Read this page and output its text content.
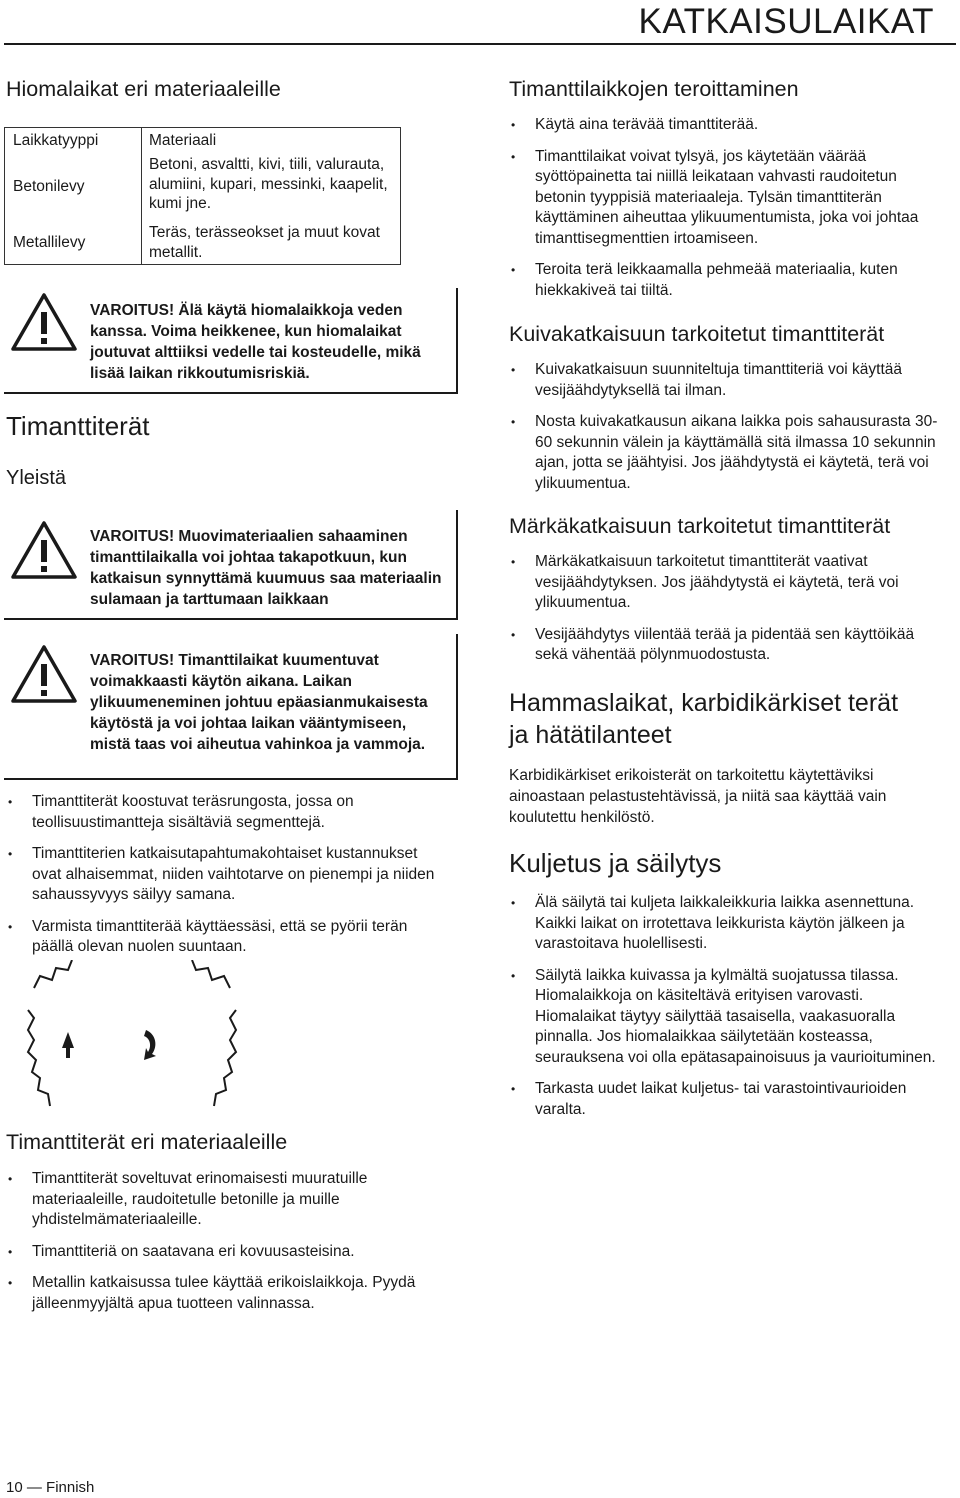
KATKAISULAIKAT
Hiomalaikat eri materiaaleille
Laikkatyyppi	Materiaali
Betonilevy
Betoni, asvaltti, kivi, tiili, valurauta, alumiini, kupari, messinki, kaapelit, kumi jne.
Metallilevy
Teräs, terässeokset ja muut kovat metallit.
VAROITUS! Älä käytä hiomalaikkoja veden kanssa. Voima heikkenee, kun hiomalaikat joutuvat alttiiksi vedelle tai kosteudelle, mikä lisää laikan rikkoutumisriskiä.
Timanttiterät
Yleistä
VAROITUS! Muovimateriaalien sahaaminen timanttilaikalla voi johtaa takapotkuun, kun katkaisun synnyttämä kuumuus saa materiaalin sulamaan ja tarttumaan laikkaan
VAROITUS! Timanttilaikat kuumentuvat voimakkaasti käytön aikana. Laikan ylikuumeneminen johtuu epäasianmukaisesta käytöstä ja voi johtaa laikan vääntymiseen, mistä taas voi aiheutua vahinkoa ja vammoja.
• Timanttiterät koostuvat teräsrungosta, jossa on teollisuustimantteja sisältäviä segmenttejä.
• Timanttiterien katkaisutapahtumakohtaiset kustannukset ovat alhaisemmat, niiden vaihtotarve on pienempi ja niiden sahaussyvyys säilyy samana.
• Varmista timanttiterää käyttäessäsi, että se pyörii terän päällä olevan nuolen suuntaan.
Timanttiterät eri materiaaleille
• Timanttiterät soveltuvat erinomaisesti muuratuille materiaaleille, raudoitetulle betonille ja muille yhdistelmämateriaaleille.
• Timanttiteriä on saatavana eri kovuusasteisina.
• Metallin katkaisussa tulee käyttää erikoislaikkoja. Pyydä jälleenmyyjältä apua tuotteen valinnassa.
Timanttilaikkojen teroittaminen
• Käytä aina terävää timanttiterää.
• Timanttilaikat voivat tylsyä, jos käytetään väärää syöttöpainetta tai niillä leikataan vahvasti raudoitetun betonin tyyppisiä materiaaleja. Tylsän timanttiterän käyttäminen aiheuttaa ylikuumentumista, joka voi johtaa timanttisegmenttien irtoamiseen.
• Teroita terä leikkaamalla pehmeää materiaalia, kuten hiekkakiveä tai tiiltä.
Kuivakatkaisuun tarkoitetut timanttiterät
• Kuivakatkaisuun suunniteltuja timanttiteriä voi käyttää vesijäähdytyksellä tai ilman.
• Nosta kuivakatkausun aikana laikka pois sahausurasta 30-60 sekunnin välein ja käyttämällä sitä ilmassa 10 sekunnin ajan, jotta se jäähtyisi. Jos jäähdytystä ei käytetä, terä voi ylikuumentua.
Märkäkatkaisuun tarkoitetut timanttiterät
• Märkäkatkaisuun tarkoitetut timanttiterät vaativat vesijäähdytyksen. Jos jäähdytystä ei käytetä, terä voi ylikuumentua.
• Vesijäähdytys viilentää terää ja pidentää sen käyttöikää sekä vähentää pölynmuodostusta.
Hammaslaikat, karbidikärkiset terät
ja hätätilanteet
Karbidikärkiset erikoisterät on tarkoitettu käytettäviksi ainoastaan pelastustehtävissä, ja niitä saa käyttää vain koulutettu henkilöstö.
Kuljetus ja säilytys
• Älä säilytä tai kuljeta laikkaleikkuria laikka asennettuna. Kaikki laikat on irrotettava leikkurista käytön jälkeen ja varastoitava huolellisesti.
• Säilytä laikka kuivassa ja kylmältä suojatussa tilassa. Hiomalaikkoja on käsiteltävä erityisen varovasti. Hiomalaikat täytyy säilyttää tasaisella, vaakasuoralla pinnalla. Jos hiomalaikkaa säilytetään kosteassa, seurauksena voi olla epätasapainoisuus ja vaurioituminen.
• Tarkasta uudet laikat kuljetus- tai varastointivaurioiden varalta.
10 — Finnish
